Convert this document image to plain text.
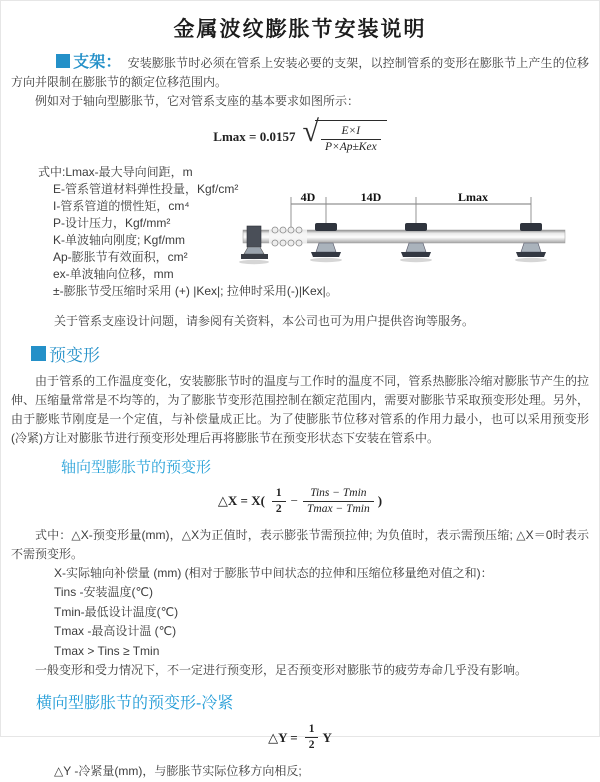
金属波纹膨胀节安装说明

支架： 安装膨胀节时必须在管系上安装必要的支架，以控制管系的变形在膨胀节上产生的位移方向并限制在膨胀节的额定位移范围内。

例如对于轴向型膨胀节，它对管系支座的基本要求如图所示：

Lmax = 0.0157 √ $\frac{E\times I}{\text{P×Ap±Kex}}$
式中:Lmax-最大导向间距，m
E-管系管道材料弹性投量，Kgf/cm²
I-管系管道的惯性矩，cm⁴
P-设计压力，Kgf/mm²
K-单波轴向刚度; Kgf/mm
Ap-膨胀节有效面积，cm²
ex-单波轴向位移，mm
±-膨胀节受压缩时采用 (+) |Kex|; 拉伸时采用(-)|Kex|。
4D	14D	Lmax

关于管系支座设计问题，请参阅有关资料，本公司也可为用户提供咨询等服务。

预变形

由于管系的工作温度变化，安装膨胀节时的温度与工作时的温度不同，管系热膨胀冷缩对膨胀节产生的拉伸、压缩量常常是不均等的，为了膨胀节变形范围控制在额定范围内，需要对膨胀节采取预变形处理。另外，由于膨账节刚度是一个定值，与补偿量成正比。为了使膨胀节位移对管系的作用力最小，也可以采用预变形(冷紧)方让对膨胀节进行预变形处理后再将膨胀节在预变形状态下安装在管系中。

轴向型膨胀节的预变形
△X = $X( \frac{1}{2} - \frac{\text{Tins − Tmin}}{Tmax - Tmin}$ )

式中：△X-预变形量(mm)，△X为正值时，表示膨张节需预拉伸; 为负值时，表示需预压缩; △X＝0时表示不需预变形。

X-实际轴向补偿量 (mm) (相对于膨胀节中间状态的拉伸和压缩位移量绝对值之和)：
Tins -安装温度(℃)
Tmin-最低设计温度(℃)
Tmax -最高设计温 (℃)
Tmax > Tins ≥ Tmin

一般变形和受力情况下，不一定进行预变形，足否预变形对膨胀节的疲劳寿命几乎没有影响。

横向型膨胀节的预变形-冷紧
△Y = $\frac{1}{2}$ Y

△Y -冷紧量(mm)，与膨胀节实际位移方向相反;
